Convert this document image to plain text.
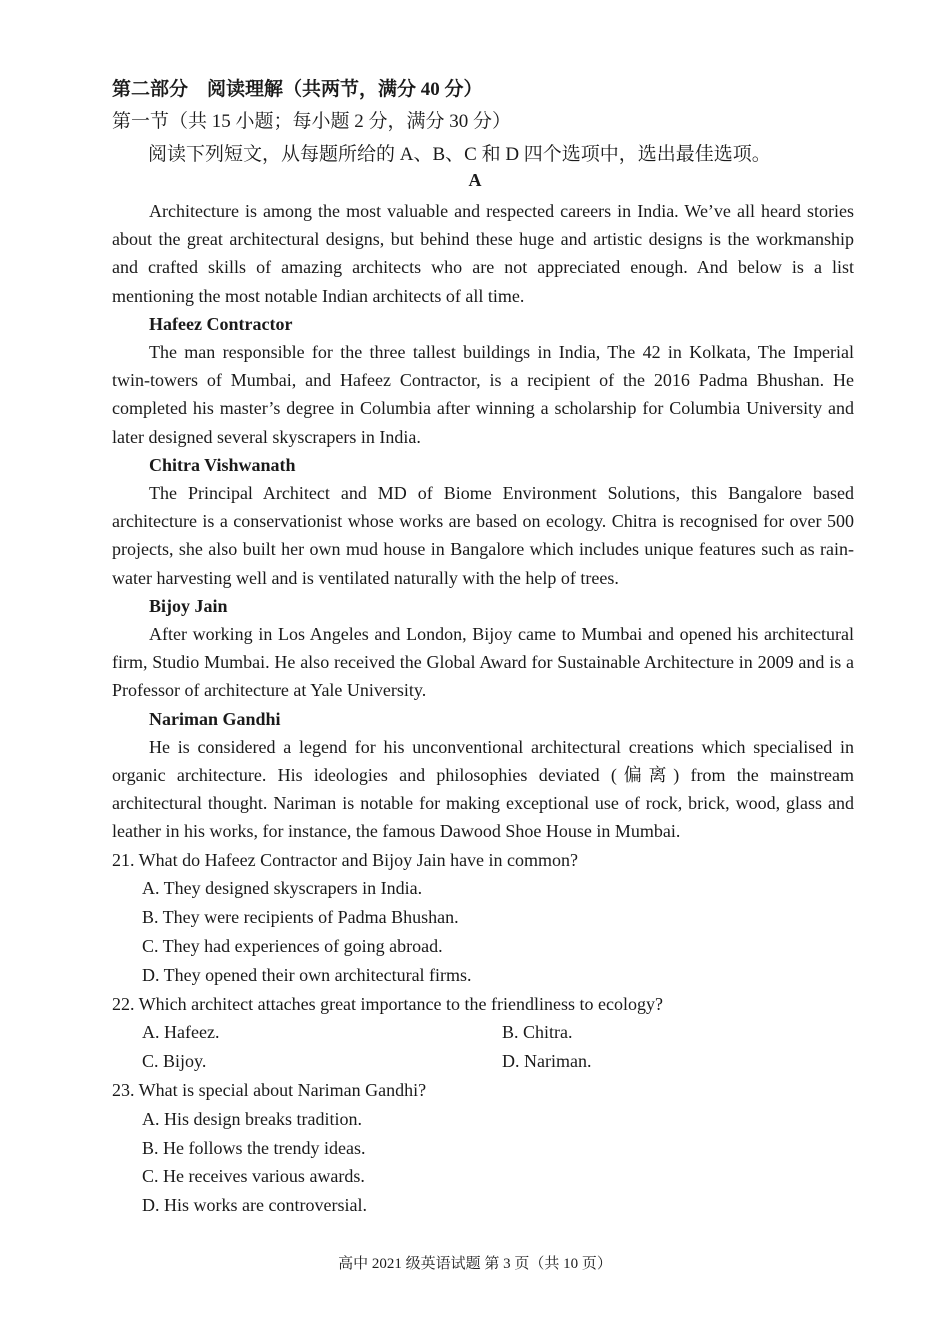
第二部分　阅读理解（共两节，满分 40 分）
第一节（共 15 小题；每小题 2 分，满分 30 分）
阅读下列短文，从每题所给的 A、B、C 和 D 四个选项中，选出最佳选项。
A

Architecture is among the most valuable and respected careers in India. We’ve all heard stories about the great architectural designs, but behind these huge and artistic designs is the workmanship and crafted skills of amazing architects who are not appreciated enough. And below is a list mentioning the most notable Indian architects of all time.

Hafeez Contractor

The man responsible for the three tallest buildings in India, The 42 in Kolkata, The Imperial twin-towers of Mumbai, and Hafeez Contractor, is a recipient of the 2016 Padma Bhushan. He completed his master’s degree in Columbia after winning a scholarship for Columbia University and later designed several skyscrapers in India.

Chitra Vishwanath

The Principal Architect and MD of Biome Environment Solutions, this Bangalore based architecture is a conservationist whose works are based on ecology. Chitra is recognised for over 500 projects, she also built her own mud house in Bangalore which includes unique features such as rain-water harvesting well and is ventilated naturally with the help of trees.

Bijoy Jain

After working in Los Angeles and London, Bijoy came to Mumbai and opened his architectural firm, Studio Mumbai. He also received the Global Award for Sustainable Architecture in 2009 and is a Professor of architecture at Yale University.

Nariman Gandhi

He is considered a legend for his unconventional architectural creations which specialised in organic architecture. His ideologies and philosophies deviated (偏离) from the mainstream architectural thought. Nariman is notable for making exceptional use of rock, brick, wood, glass and leather in his works, for instance, the famous Dawood Shoe House in Mumbai.

21. What do Hafeez Contractor and Bijoy Jain have in common?
A. They designed skyscrapers in India.
B. They were recipients of Padma Bhushan.
C. They had experiences of going abroad.
D. They opened their own architectural firms.
22. Which architect attaches great importance to the friendliness to ecology?
A. Hafeez.	B. Chitra.
C. Bijoy.	D. Nariman.
23. What is special about Nariman Gandhi?
A. His design breaks tradition.
B. He follows the trendy ideas.
C. He receives various awards.
D. His works are controversial.
高中 2021 级英语试题 第 3 页（共 10 页）
